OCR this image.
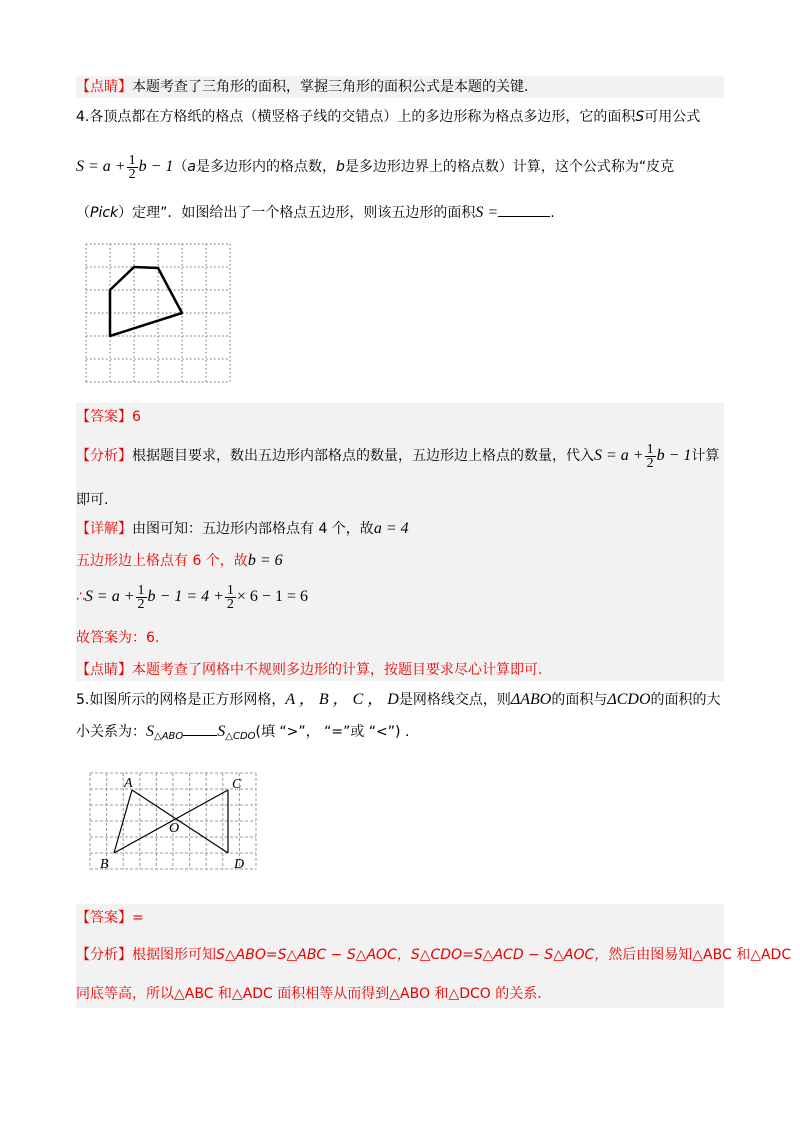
【点睛】本题考查了三角形的面积，掌握三角形的面积公式是本题的关键.
4.各顶点都在方格纸的格点（横竖格子线的交错点）上的多边形称为格点多边形，它的面积S可用公式
$S = a + \frac{1}{2}$ b − 1（a是多边形内的格点数，b是多边形边界上的格点数）计算，这个公式称为“皮克
（Pick）定理”．如图给出了一个格点五边形，则该五边形的面积S =	.
【答案】6
【分析】根据题目要求，数出五边形内部格点的数量，五边形边上格点的数量，代入$S = a + \frac{1}{2}$ b − 1计算
即可.
【详解】由图可知：五边形内部格点有 4 个，故a = 4
五边形边上格点有 6 个，故b = 6
∴S = $a + \frac{1}{2}$ $b - 1 = 4 + \frac{1}{2} \times 6 - 1 = 6$
故答案为：6.
【点睛】本题考查了网格中不规则多边形的计算，按题目要求尽心计算即可.
5.如图所示的网格是正方形网格，A ， B ， C ， D是网格线交点，则ΔABO的面积与ΔCDO的面积的大
小关系为：$S_{\triangle ABO}$ $S_{\triangle CDO}$(填 “>”， “=”或 “<”) .
A
B
C
D
O
【答案】=
【分析】根据图形可知S△ABO=S△ABC − S△AOC，S△CDO=S△ACD − S△AOC，然后由图易知△ABC 和△ADC
同底等高，所以△ABC 和△ADC 面积相等从而得到△ABO 和△DCO 的关系.
